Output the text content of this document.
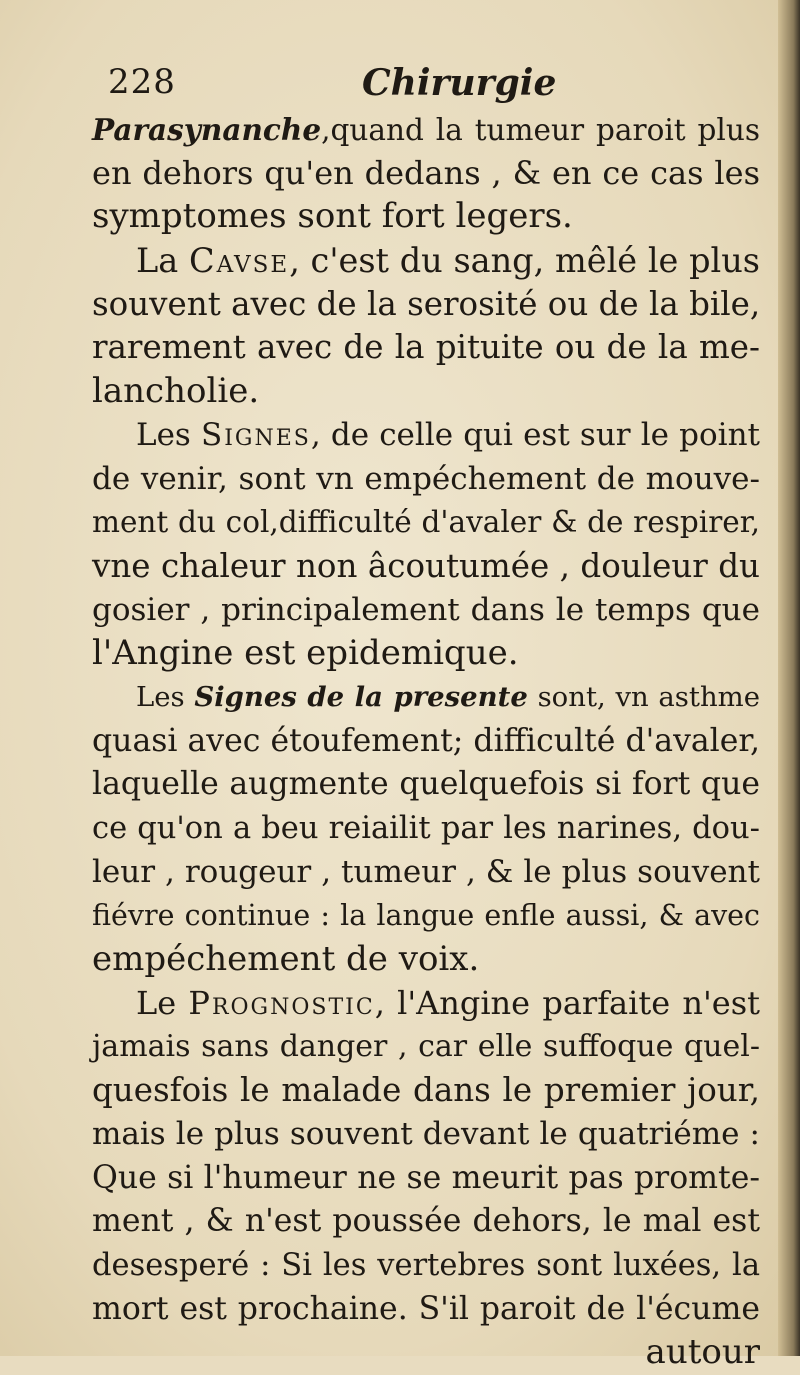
228	Chirurgie
Parasynanche,quand la tumeur paroit plus
en dehors qu'en dedans , & en ce cas les
symptomes sont fort legers.
La Cavse, c'est du sang, mêlé le plus
souvent avec de la serosité ou de la bile,
rarement avec de la pituite ou de la me-
lancholie.
Les Signes, de celle qui est sur le point
de venir, sont vn empéchement de mouve-
ment du col,difficulté d'avaler & de respirer,
vne chaleur non âcoutumée , douleur du
gosier , principalement dans le temps que
l'Angine est epidemique.
Les Signes de la presente sont, vn asthme
quasi avec étoufement; difficulté d'avaler,
laquelle augmente quelquefois si fort que
ce qu'on a beu reiailit par les narines, dou-
leur , rougeur , tumeur , & le plus souvent
fiévre continue : la langue enfle aussi, & avec
empéchement de voix.
Le Prognostic, l'Angine parfaite n'est
jamais sans danger , car elle suffoque quel-
quesfois le malade dans le premier jour,
mais le plus souvent devant le quatriéme :
Que si l'humeur ne se meurit pas promte-
ment , & n'est poussée dehors, le mal est
desesperé : Si les vertebres sont luxées, la
mort est prochaine. S'il paroit de l'écume
autour
